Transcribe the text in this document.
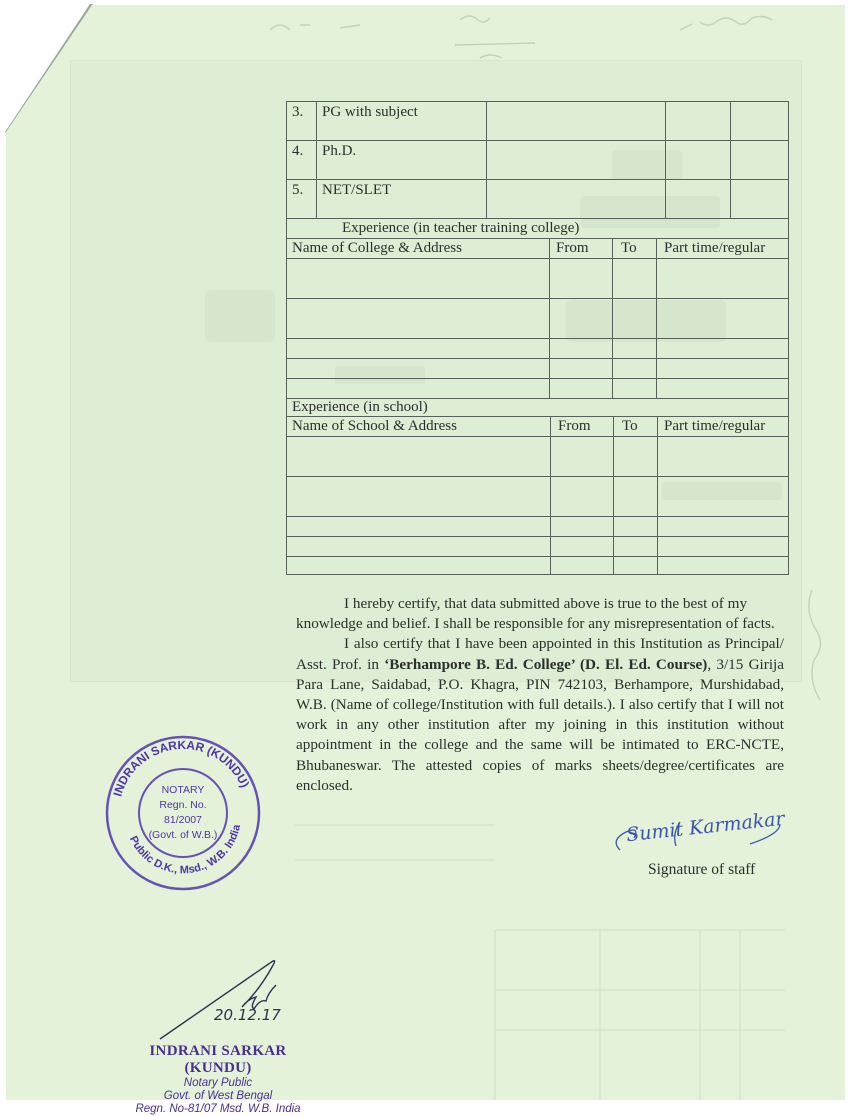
3. PG with subject
4. Ph.D.
5. NET/SLET
Experience (in teacher training college)
Name of College & Address	From To Part time/regular
Experience (in school)
Name of School & Address	From To Part time/regular

I hereby certify, that data submitted above is true to the best of my knowledge and belief. I shall be responsible for any misrepresentation of facts.

I also certify that I have been appointed in this Institution as Principal/ Asst. Prof. in ‘Berhampore B. Ed. College’ (D. El. Ed. Course), 3/15 Girija Para Lane, Saidabad, P.O. Khagra, PIN 742103, Berhampore, Murshidabad, W.B. (Name of college/Institution with full details.). I also certify that I will not work in any other institution after my joining in this institution without appointment in the college and the same will be intimated to ERC-NCTE, Bhubaneswar. The attested copies of marks sheets/degree/certificates are enclosed.

Sumit Karmakar
Signature of staff
INDRANI SARKAR (KUNDU)
Public D.K., Msd., W.B. India
NOTARY
Regn. No.
81/2007
(Govt. of W.B.)
20.12.17
INDRANI SARKAR (KUNDU)
Notary Public
Govt. of West Bengal
Regn. No-81/07 Msd. W.B. India
